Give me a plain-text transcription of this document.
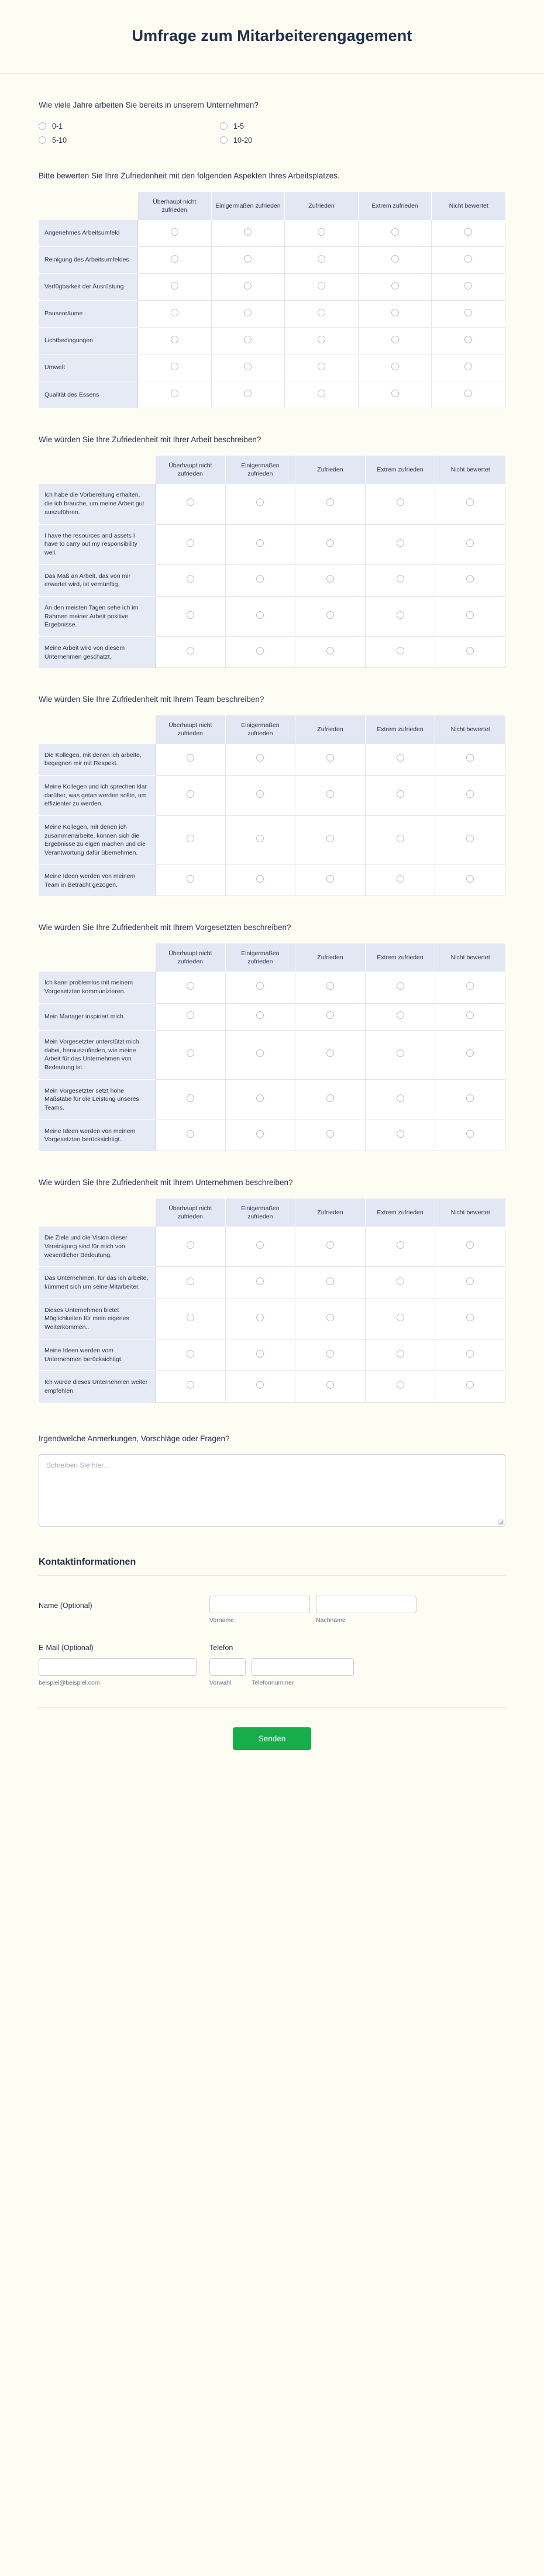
Umfrage zum Mitarbeiterengagement

Wie viele Jahre arbeiten Sie bereits in unserem Unternehmen?

0-1	1-5
5-10	10-20

Bitte bewerten Sie Ihre Zufriedenheit mit den folgenden Aspekten Ihres Arbeitsplatzes.

	Überhaupt nicht zufrieden	Einigermaßen zufrieden	Zufrieden	Extrem zufrieden	Nicht bewertet
Angenehmes Arbeitsumfeld					
Reinigung des Arbeitsumfeldes					
Verfügbarkeit der Ausrüstung					
Pausenräume					
Lichtbedingungen					
Umwelt					
Qualität des Essens					

Wie würden Sie Ihre Zufriedenheit mit Ihrer Arbeit beschreiben?

	Überhaupt nicht zufrieden	Einigermaßen zufrieden	Zufrieden	Extrem zufrieden	Nicht bewertet
Ich habe die Vorbereitung erhalten, die ich brauche, um meine Arbeit gut auszuführen.					
I have the resources and assets I have to carry out my responsibility well.					
Das Maß an Arbeit, das von mir erwartet wird, ist vernünftig.					
An den meisten Tagen sehe ich im Rahmen meiner Arbeit positive Ergebnisse.					
Meine Arbeit wird von diesem Unternehmen geschätzt.					

Wie würden Sie Ihre Zufriedenheit mit Ihrem Team beschreiben?

	Überhaupt nicht zufrieden	Einigermaßen zufrieden	Zufrieden	Extrem zufrieden	Nicht bewertet
Die Kollegen, mit denen ich arbeite, begegnen mir mit Respekt.					
Meine Kollegen und ich sprechen klar darüber, was getan werden sollte, um effizienter zu werden.					
Meine Kollegen, mit denen ich zusammenarbeite, können sich die Ergebnisse zu eigen machen und die Verantwortung dafür übernehmen.					
Meine Ideen werden von meinem Team in Betracht gezogen.					

Wie würden Sie Ihre Zufriedenheit mit Ihrem Vorgesetzten beschreiben?

	Überhaupt nicht zufrieden	Einigermaßen zufrieden	Zufrieden	Extrem zufrieden	Nicht bewertet
Ich kann problemlos mit meinem Vorgesetzten kommunizieren.					
Mein Manager inspiriert mich.					
Mein Vorgesetzter unterstützt mich dabei, herauszufinden, wie meine Arbeit für das Unternehmen von Bedeutung ist.					
Mein Vorgesetzter setzt hohe Maßstäbe für die Leistung unseres Teams.					
Meine Ideen werden von meinem Vorgesetzten berücksichtigt.					

Wie würden Sie Ihre Zufriedenheit mit Ihrem Unternehmen beschreiben?

	Überhaupt nicht zufrieden	Einigermaßen zufrieden	Zufrieden	Extrem zufrieden	Nicht bewertet
Die Ziele und die Vision dieser Vereinigung sind für mich von wesentlicher Bedeutung.					
Das Unternehmen, für das ich arbeite, kümmert sich um seine Mitarbeiter.					
Dieses Unternehmen bietet Möglichkeiten für mein eigenes Weiterkommen..					
Meine Ideen werden vom Unternehmen berücksichtigt.					
Ich würde dieses Unternehmen weiter empfehlen.					

Irgendwelche Anmerkungen, Vorschläge oder Fragen?

Schreiben Sie hier...
◪
Kontaktinformationen
Name (Optional)
Vorname	Nachname
E-Mail (Optional)
beispiel@beispiel.com
Telefon
Vorwahl	Telefonnummer
Senden
